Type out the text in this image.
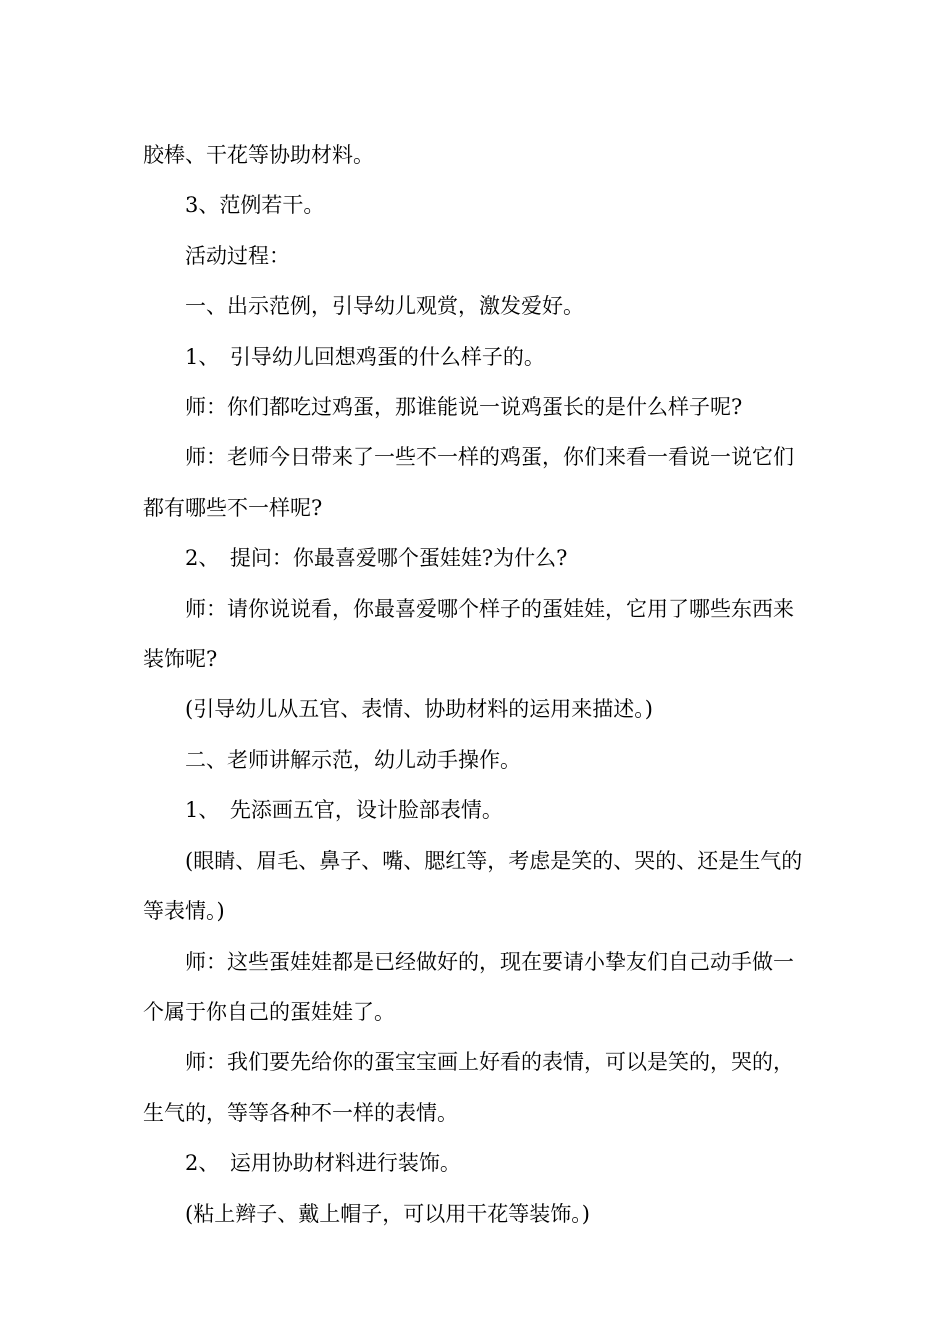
胶棒、干花等协助材料。

3、范例若干。

活动过程：

一、出示范例，引导幼儿观赏，激发爱好。

1、　引导幼儿回想鸡蛋的什么样子的。

师：你们都吃过鸡蛋，那谁能说一说鸡蛋长的是什么样子呢?

师：老师今日带来了一些不一样的鸡蛋，你们来看一看说一说它们都有哪些不一样呢?

2、　提问：你最喜爱哪个蛋娃娃?为什么?

师：请你说说看，你最喜爱哪个样子的蛋娃娃，它用了哪些东西来装饰呢?

(引导幼儿从五官、表情、协助材料的运用来描述。)

二、老师讲解示范，幼儿动手操作。

1、　先添画五官，设计脸部表情。

(眼睛、眉毛、鼻子、嘴、腮红等，考虑是笑的、哭的、还是生气的等表情。)

师：这些蛋娃娃都是已经做好的，现在要请小挚友们自己动手做一个属于你自己的蛋娃娃了。

师：我们要先给你的蛋宝宝画上好看的表情，可以是笑的，哭的，生气的，等等各种不一样的表情。

2、　运用协助材料进行装饰。

(粘上辫子、戴上帽子，可以用干花等装饰。)
